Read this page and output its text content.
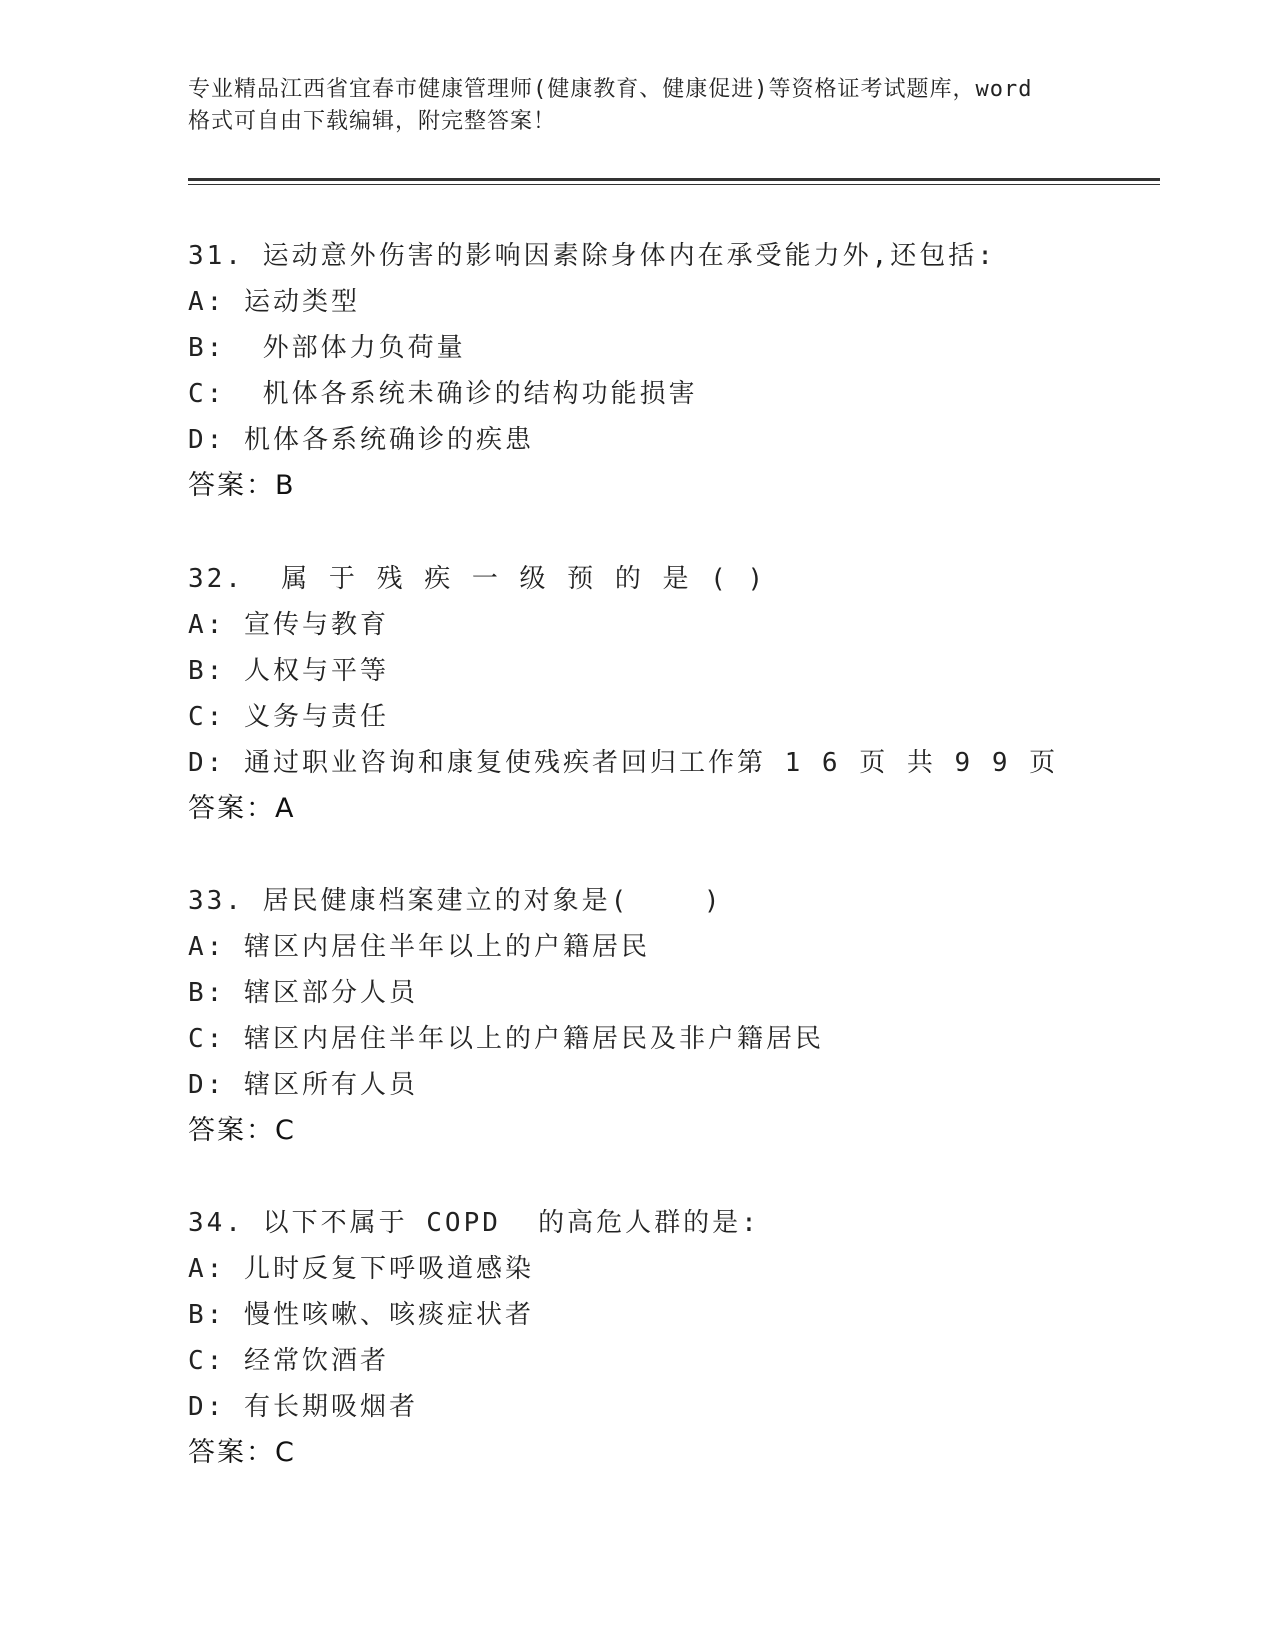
专业精品江西省宜春市健康管理师(健康教育、健康促进)等资格证考试题库，word
格式可自由下载编辑，附完整答案！
31. 运动意外伤害的影响因素除身体内在承受能力外,还包括:
A: 运动类型
B:  外部体力负荷量
C:  机体各系统未确诊的结构功能损害
D: 机体各系统确诊的疾患
答案：B
32.  属 于 残 疾 一 级 预 的 是 ( )
A: 宣传与教育
B: 人权与平等
C: 义务与责任
D: 通过职业咨询和康复使残疾者回归工作第 1 6 页 共 9 9 页
答案：A
33. 居民健康档案建立的对象是(    )
A: 辖区内居住半年以上的户籍居民
B: 辖区部分人员
C: 辖区内居住半年以上的户籍居民及非户籍居民
D: 辖区所有人员
答案：C
34. 以下不属于 COPD  的高危人群的是:
A: 儿时反复下呼吸道感染
B: 慢性咳嗽、咳痰症状者
C: 经常饮酒者
D: 有长期吸烟者
答案：C
